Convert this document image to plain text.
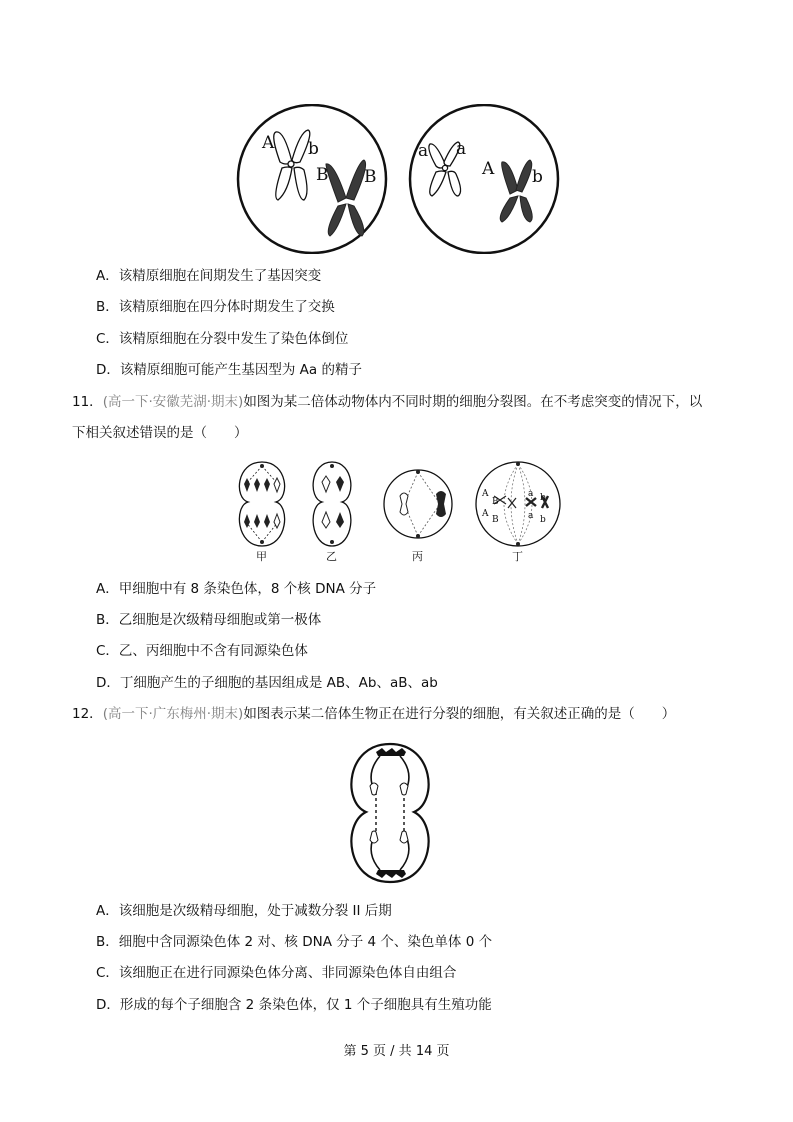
A b
B B
a a
A b
A．该精原细胞在间期发生了基因突变
B．该精原细胞在四分体时期发生了交换
C．该精原细胞在分裂中发生了染色体倒位
D．该精原细胞可能产生基因型为 Aa 的精子
11．(高一下·安徽芜湖·期末)如图为某二倍体动物体内不同时期的细胞分裂图。在不考虑突变的情况下，以
下相关叙述错误的是（　　）
A
B
A
B
a b
a b
甲	乙	丙	丁
A．甲细胞中有 8 条染色体，8 个核 DNA 分子
B．乙细胞是次级精母细胞或第一极体
C．乙、丙细胞中不含有同源染色体
D．丁细胞产生的子细胞的基因组成是 AB、Ab、aB、ab
12．(高一下·广东梅州·期末)如图表示某二倍体生物正在进行分裂的细胞，有关叙述正确的是（　　）
A．该细胞是次级精母细胞，处于减数分裂 II 后期
B．细胞中含同源染色体 2 对、核 DNA 分子 4 个、染色单体 0 个
C．该细胞正在进行同源染色体分离、非同源染色体自由组合
D．形成的每个子细胞含 2 条染色体，仅 1 个子细胞具有生殖功能
第 5 页 / 共 14 页
